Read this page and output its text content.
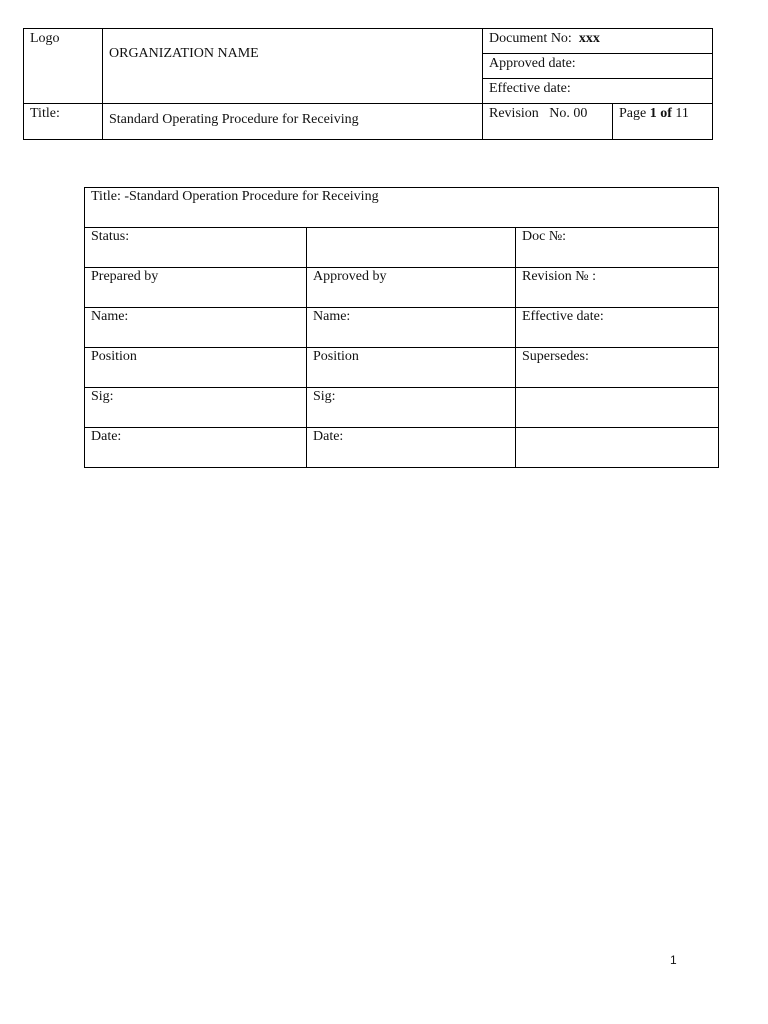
Logo	ORGANIZATION NAME	Document No: xxx	
		Approved date:	
		Effective date:	
Title:	Standard Operating Procedure for Receiving	Revision   No. 00	Page 1 of 11
Title: -Standard Operation Procedure for Receiving		
Status:		Doc №:
Prepared by	Approved by	Revision № :
Name:	Name:	Effective date:
Position	Position	Supersedes:
Sig:	Sig:	
Date:	Date:	
1
